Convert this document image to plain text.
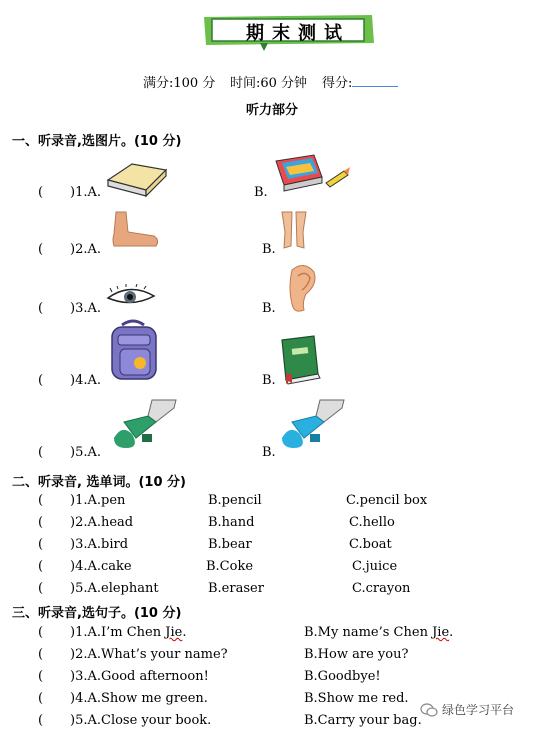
期末测试
满分:100 分 时间:60 分钟 得分:
听力部分
一、听录音,选图片。(10 分)
( )1.A.	B.
( )2.A.	B.
( )3.A.	B.
( )4.A.	B.
( )5.A.	B.
二、听录音, 选单词。(10 分)
( )1.A.pen	B.pencil	C.pencil box
( )2.A.head	B.hand	C.hello
( )3.A.bird	B.bear	C.boat
( )4.A.cake	B.Coke	C.juice
( )5.A.elephant	B.eraser	C.crayon
三、听录音,选句子。(10 分)
( )1.A.I’m Chen Jie.	B.My name’s Chen Jie.
( )2.A.What’s your name?	B.How are you?
( )3.A.Good afternoon!	B.Goodbye!
( )4.A.Show me green.	B.Show me red.
( )5.A.Close your book.	B.Carry your bag.
绿色学习平台
